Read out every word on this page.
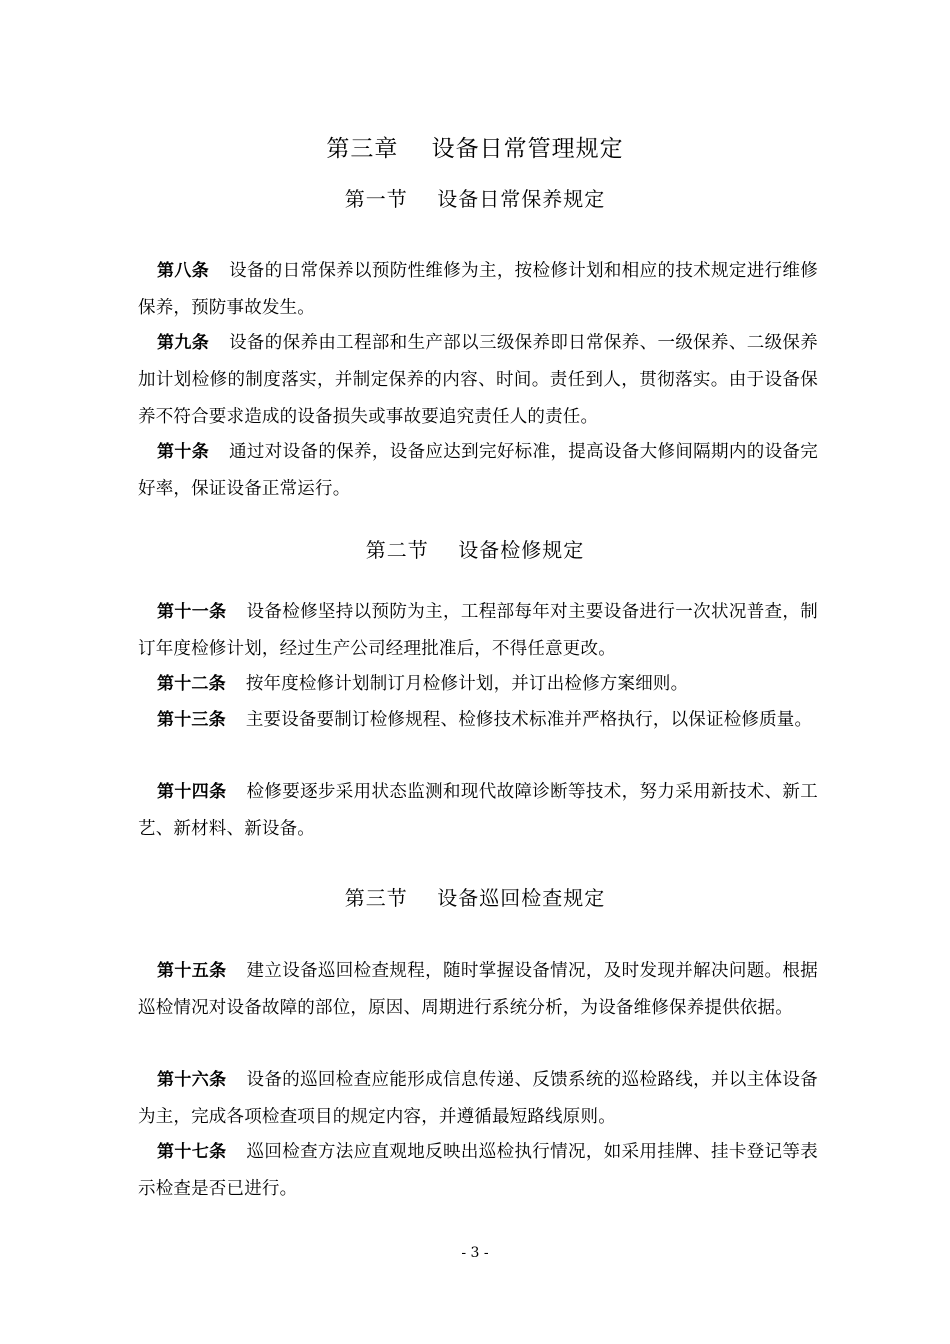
第三章    设备日常管理规定
第一节    设备日常保养规定
第八条 设备的日常保养以预防性维修为主，按检修计划和相应的技术规定进行维修保养，预防事故发生。
第九条 设备的保养由工程部和生产部以三级保养即日常保养、一级保养、二级保养加计划检修的制度落实，并制定保养的内容、时间。责任到人，贯彻落实。由于设备保养不符合要求造成的设备损失或事故要追究责任人的责任。
第十条 通过对设备的保养，设备应达到完好标准，提高设备大修间隔期内的设备完好率，保证设备正常运行。
第二节    设备检修规定
第十一条 设备检修坚持以预防为主，工程部每年对主要设备进行一次状况普查，制订年度检修计划，经过生产公司经理批准后，不得任意更改。
第十二条 按年度检修计划制订月检修计划，并订出检修方案细则。
第十三条 主要设备要制订检修规程、检修技术标准并严格执行，以保证检修质量。
第十四条 检修要逐步采用状态监测和现代故障诊断等技术，努力采用新技术、新工艺、新材料、新设备。
第三节    设备巡回检查规定
第十五条 建立设备巡回检查规程，随时掌握设备情况，及时发现并解决问题。根据巡检情况对设备故障的部位，原因、周期进行系统分析，为设备维修保养提供依据。
第十六条 设备的巡回检查应能形成信息传递、反馈系统的巡检路线，并以主体设备为主，完成各项检查项目的规定内容，并遵循最短路线原则。
第十七条 巡回检查方法应直观地反映出巡检执行情况，如采用挂牌、挂卡登记等表示检查是否已进行。
- 3 -
